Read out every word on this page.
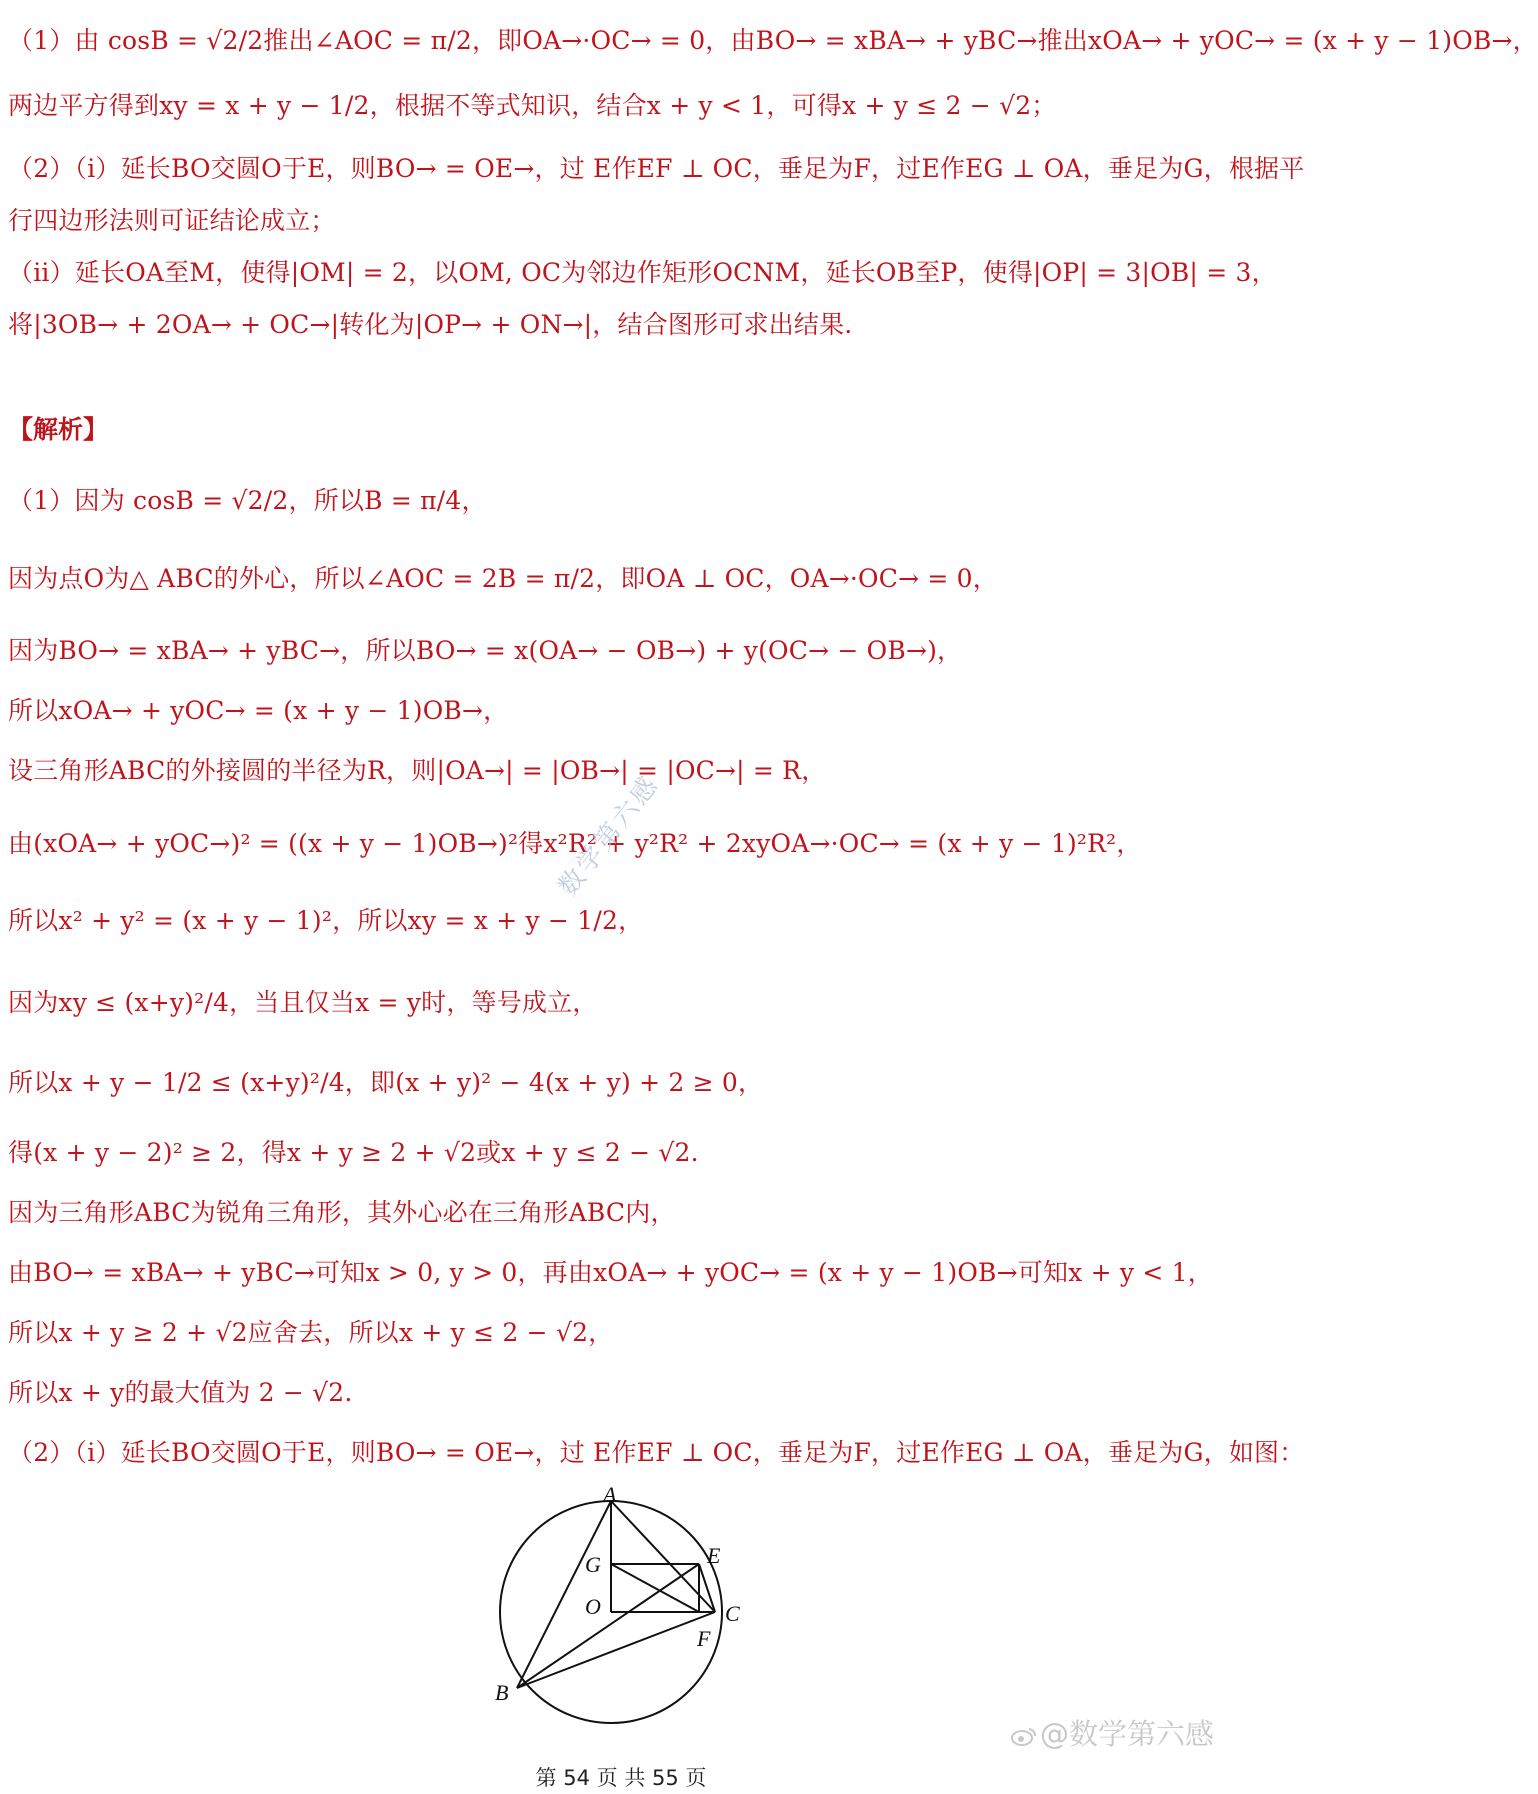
（1）由 cosB = √2/2推出∠AOC = π/2，即OA→·OC→ = 0，由BO→ = xBA→ + yBC→推出xOA→ + yOC→ = (x + y − 1)OB→，
两边平方得到xy = x + y − 1/2，根据不等式知识，结合x + y < 1，可得x + y ≤ 2 − √2；
（2）（i）延长BO交圆O于E，则BO→ = OE→，过 E作EF ⊥ OC，垂足为F，过E作EG ⊥ OA，垂足为G，根据平
行四边形法则可证结论成立；
（ii）延长OA至M，使得|OM| = 2，以OM, OC为邻边作矩形OCNM，延长OB至P，使得|OP| = 3|OB| = 3，
将|3OB→ + 2OA→ + OC→|转化为|OP→ + ON→|，结合图形可求出结果.
【解析】
（1）因为 cosB = √2/2，所以B = π/4，
因为点O为△ ABC的外心，所以∠AOC = 2B = π/2，即OA ⊥ OC，OA→·OC→ = 0，
因为BO→ = xBA→ + yBC→，所以BO→ = x(OA→ − OB→) + y(OC→ − OB→)，
所以xOA→ + yOC→ = (x + y − 1)OB→，
设三角形ABC的外接圆的半径为R，则|OA→| = |OB→| = |OC→| = R，
由(xOA→ + yOC→)² = ((x + y − 1)OB→)²得x²R² + y²R² + 2xyOA→·OC→ = (x + y − 1)²R²，
所以x² + y² = (x + y − 1)²，所以xy = x + y − 1/2，
因为xy ≤ (x+y)²/4，当且仅当x = y时，等号成立，
所以x + y − 1/2 ≤ (x+y)²/4，即(x + y)² − 4(x + y) + 2 ≥ 0，
得(x + y − 2)² ≥ 2，得x + y ≥ 2 + √2或x + y ≤ 2 − √2.
因为三角形ABC为锐角三角形，其外心必在三角形ABC内，
由BO→ = xBA→ + yBC→可知x > 0, y > 0，再由xOA→ + yOC→ = (x + y − 1)OB→可知x + y < 1，
所以x + y ≥ 2 + √2应舍去，所以x + y ≤ 2 − √2，
所以x + y的最大值为 2 − √2.
（2）（i）延长BO交圆O于E，则BO→ = OE→，过 E作EF ⊥ OC，垂足为F，过E作EG ⊥ OA，垂足为G，如图：
A
E
G
O	C
F
B
数学第六感
@数学第六感
第 54 页 共 55 页
